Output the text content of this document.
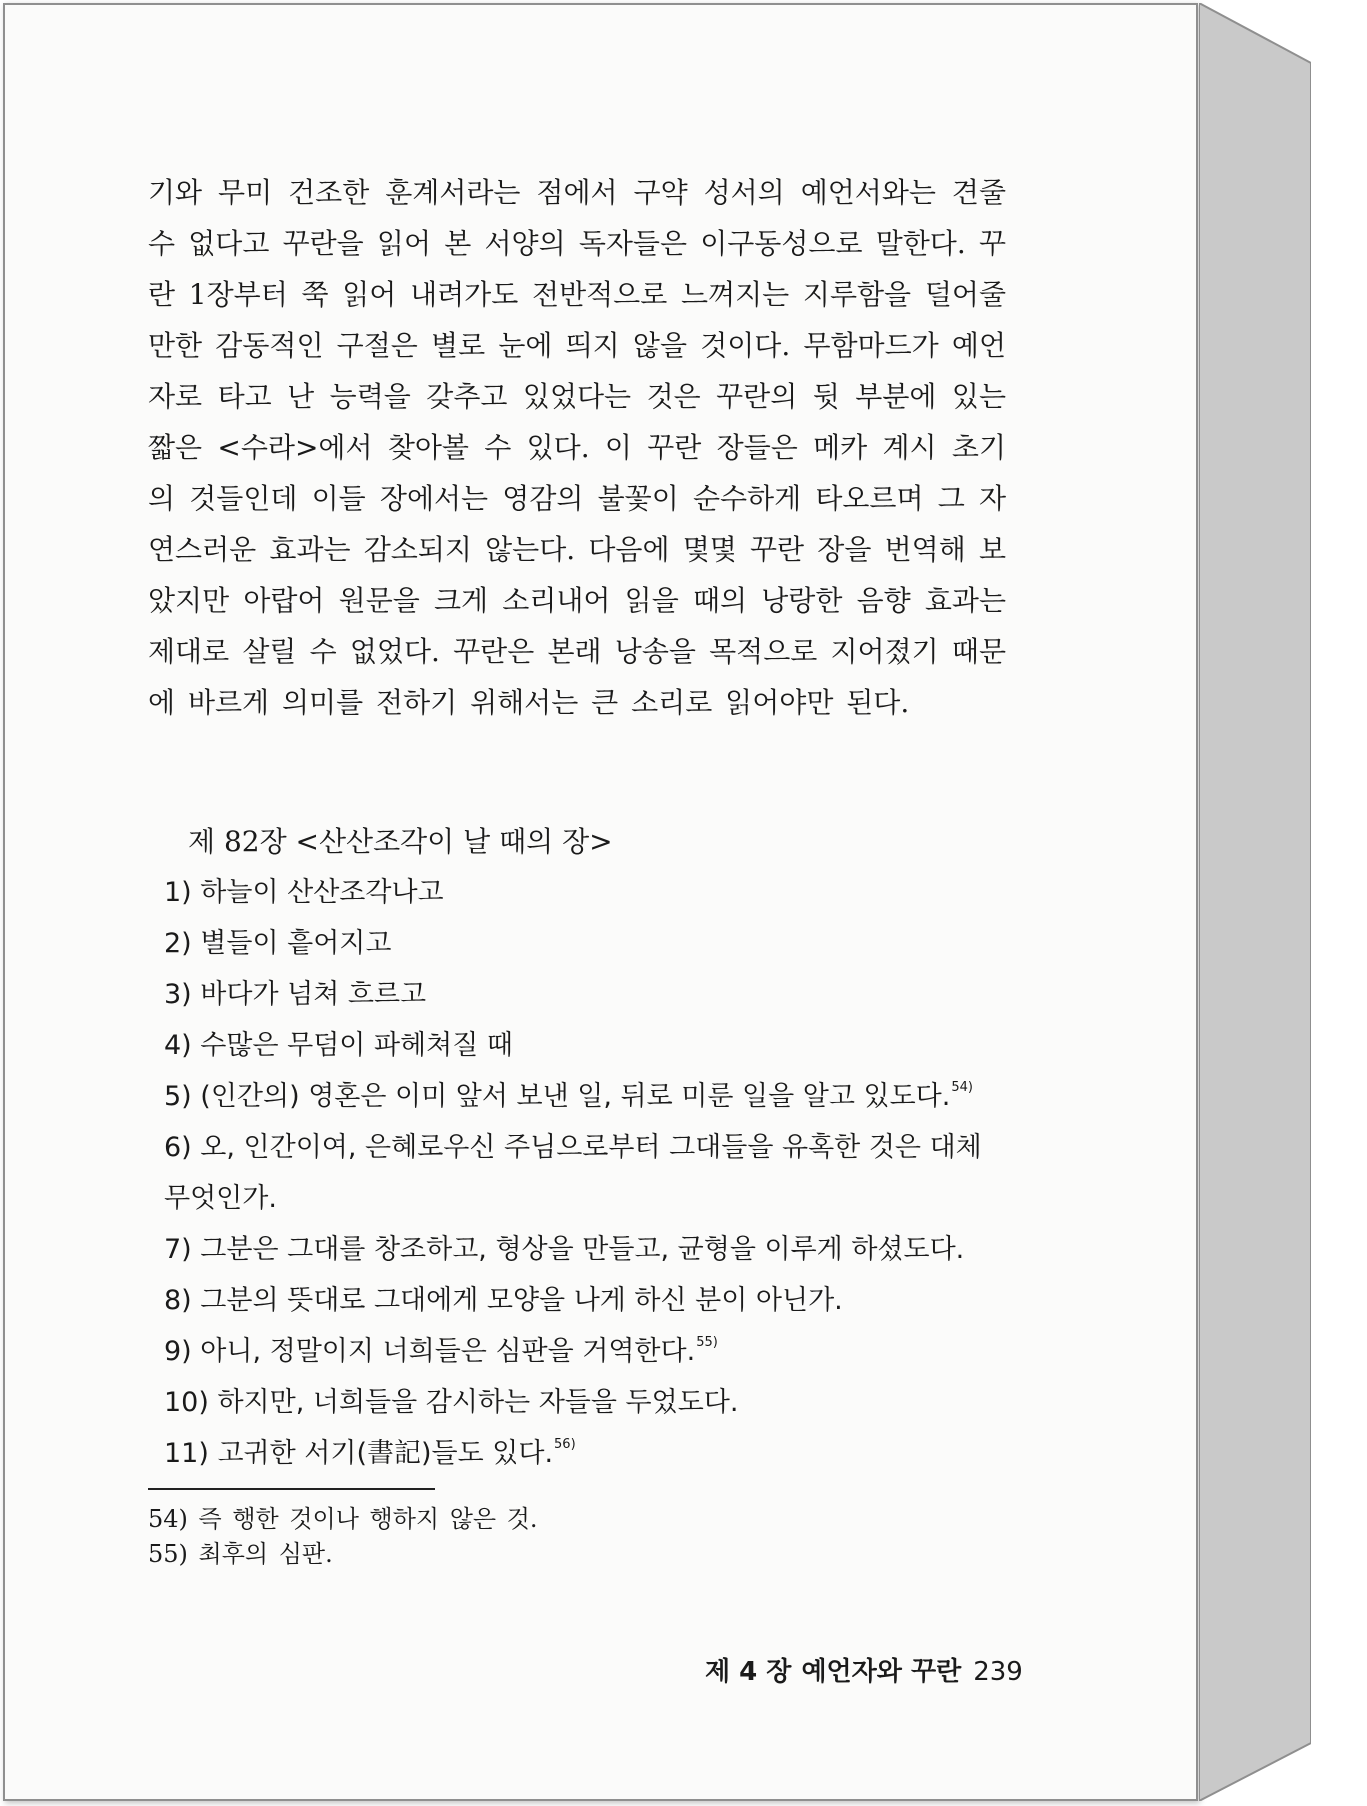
기와 무미 건조한 훈계서라는 점에서 구약 성서의 예언서와는 견줄 수 없다고 꾸란을 읽어 본 서양의 독자들은 이구동성으로 말한다. 꾸란 1장부터 쭉 읽어 내려가도 전반적으로 느껴지는 지루함을 덜어줄 만한 감동적인 구절은 별로 눈에 띄지 않을 것이다. 무함마드가 예언자로 타고 난 능력을 갖추고 있었다는 것은 꾸란의 뒷 부분에 있는 짧은 <수라>에서 찾아볼 수 있다. 이 꾸란 장들은 메카 계시 초기의 것들인데 이들 장에서는 영감의 불꽃이 순수하게 타오르며 그 자연스러운 효과는 감소되지 않는다. 다음에 몇몇 꾸란 장을 번역해 보았지만 아랍어 원문을 크게 소리내어 읽을 때의 낭랑한 음향 효과는 제대로 살릴 수 없었다. 꾸란은 본래 낭송을 목적으로 지어졌기 때문에 바르게 의미를 전하기 위해서는 큰 소리로 읽어야만 된다.

제 82장 <산산조각이 날 때의 장>
1) 하늘이 산산조각나고
2) 별들이 흩어지고
3) 바다가 넘쳐 흐르고
4) 수많은 무덤이 파헤쳐질 때
5) (인간의) 영혼은 이미 앞서 보낸 일, 뒤로 미룬 일을 알고 있도다.$^{54)}$
6) 오, 인간이여, 은혜로우신 주님으로부터 그대들을 유혹한 것은 대체
무엇인가.
7) 그분은 그대를 창조하고, 형상을 만들고, 균형을 이루게 하셨도다.
8) 그분의 뜻대로 그대에게 모양을 나게 하신 분이 아닌가.
9) 아니, 정말이지 너희들은 심판을 거역한다.$^{55)}$
10) 하지만, 너희들을 감시하는 자들을 두었도다.
11) 고귀한 서기(書記)들도 있다.$^{56)}$
54) 즉 행한 것이나 행하지 않은 것.
55) 최후의 심판.
제 4 장 예언자와 꾸란 239
